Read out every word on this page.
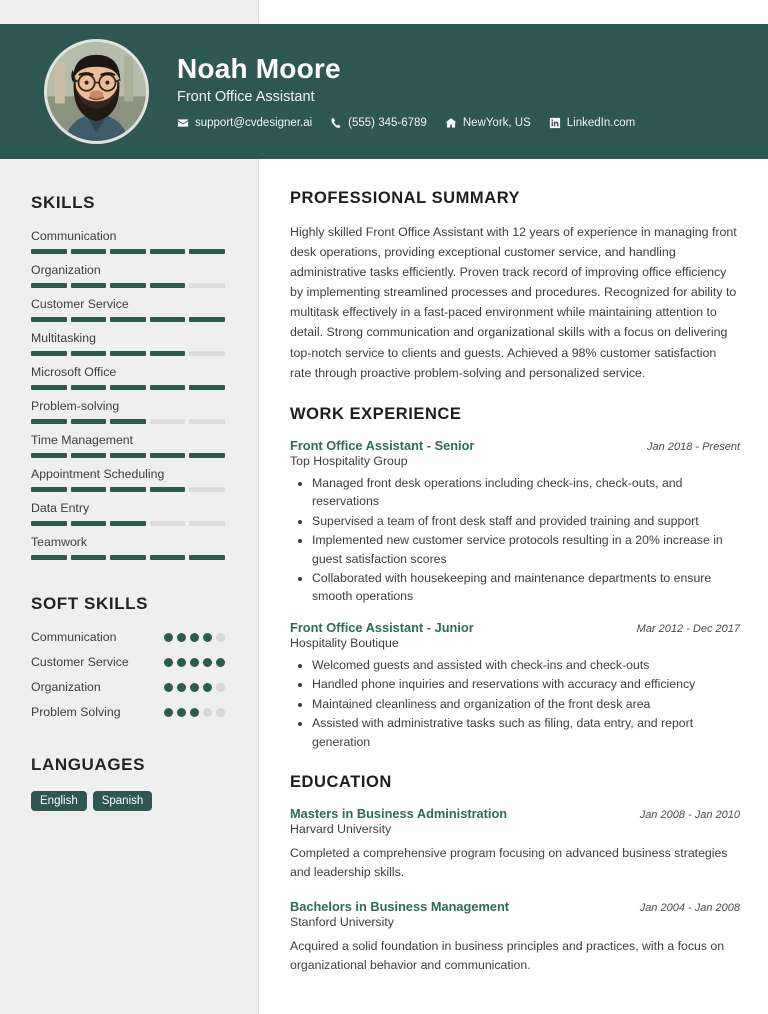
Noah Moore
Front Office Assistant
support@cvdesigner.ai	(555) 345-6789	NewYork, US	LinkedIn.com
SKILLS
Communication
Organization
Customer Service
Multitasking
Microsoft Office
Problem-solving
Time Management
Appointment Scheduling
Data Entry
Teamwork
SOFT SKILLS
Communication
Customer Service
Organization
Problem Solving
LANGUAGES
English	Spanish
PROFESSIONAL SUMMARY

Highly skilled Front Office Assistant with 12 years of experience in managing front desk operations, providing exceptional customer service, and handling administrative tasks efficiently. Proven track record of improving office efficiency by implementing streamlined processes and procedures. Recognized for ability to multitask effectively in a fast-paced environment while maintaining attention to detail. Strong communication and organizational skills with a focus on delivering top-notch service to clients and guests. Achieved a 98% customer satisfaction rate through proactive problem-solving and personalized service.

WORK EXPERIENCE
Front Office Assistant - Senior	Jan 2018 - Present
Top Hospitality Group
• Managed front desk operations including check-ins, check-outs, and reservations
• Supervised a team of front desk staff and provided training and support
• Implemented new customer service protocols resulting in a 20% increase in guest satisfaction scores
• Collaborated with housekeeping and maintenance departments to ensure smooth operations
Front Office Assistant - Junior	Mar 2012 - Dec 2017
Hospitality Boutique
• Welcomed guests and assisted with check-ins and check-outs
• Handled phone inquiries and reservations with accuracy and efficiency
• Maintained cleanliness and organization of the front desk area
• Assisted with administrative tasks such as filing, data entry, and report generation
EDUCATION
Masters in Business Administration	Jan 2008 - Jan 2010
Harvard University

Completed a comprehensive program focusing on advanced business strategies and leadership skills.

Bachelors in Business Management	Jan 2004 - Jan 2008
Stanford University

Acquired a solid foundation in business principles and practices, with a focus on organizational behavior and communication.
